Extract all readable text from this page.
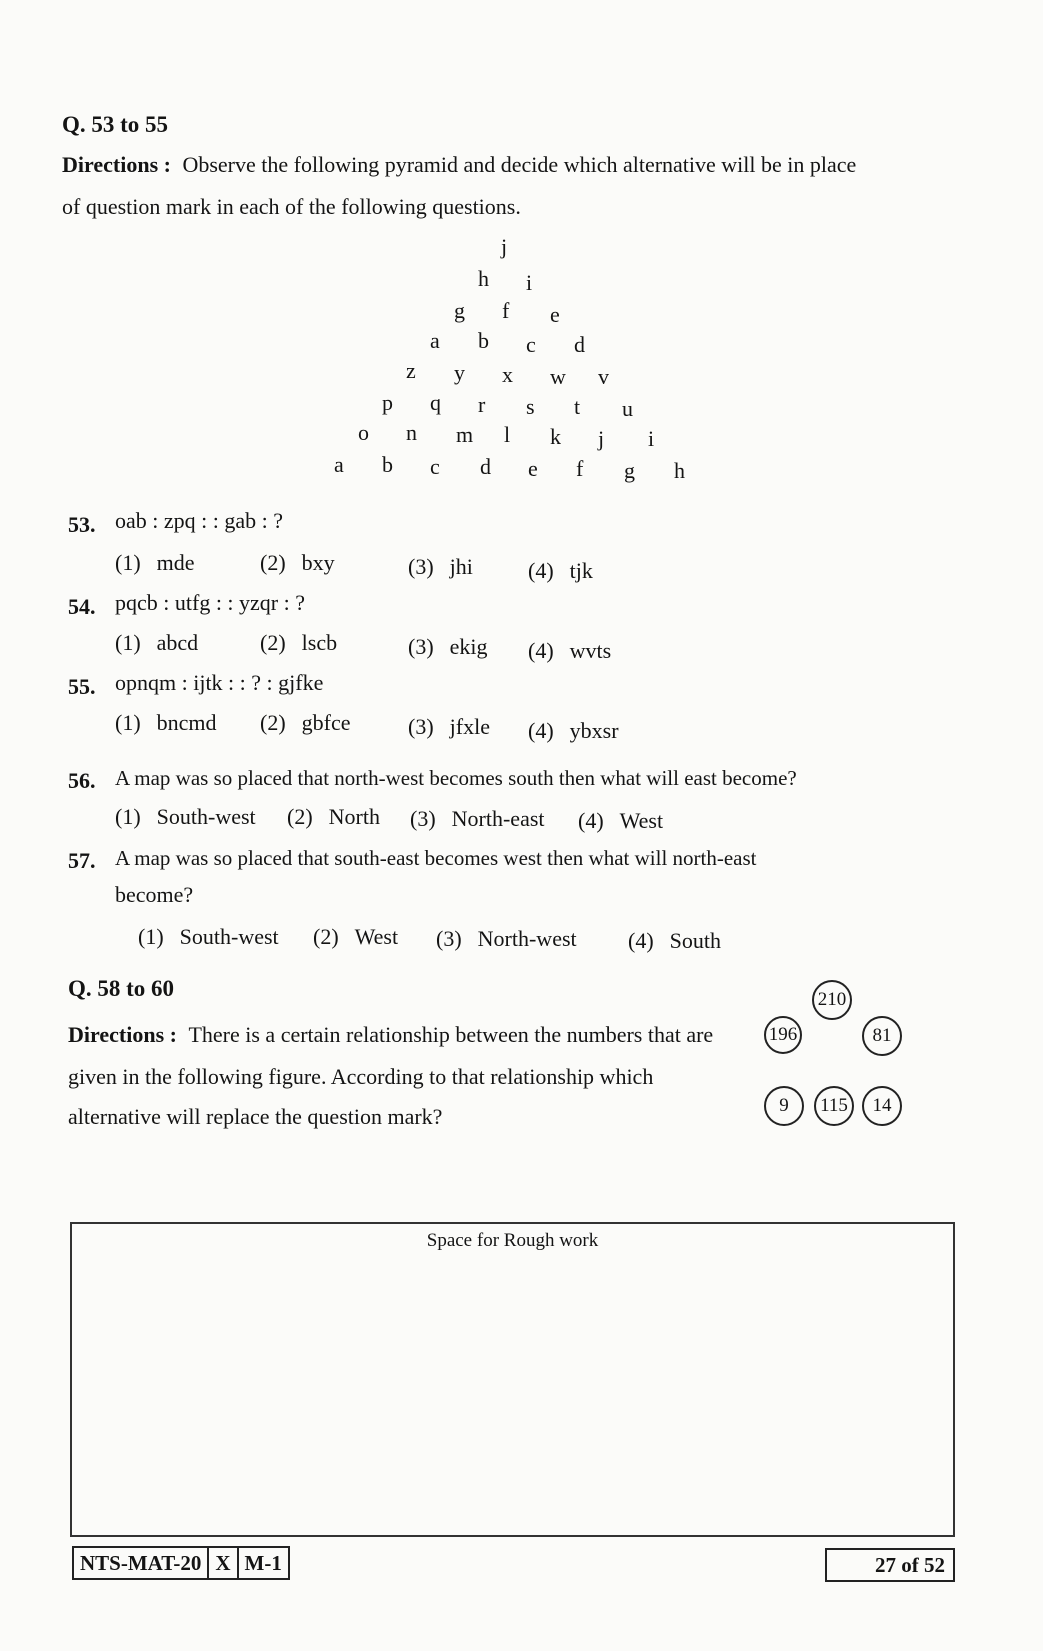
Q. 53 to 55
Directions : Observe the following pyramid and decide which alternative will be in place
of question mark in each of the following questions.
j
h i
g f e
a b c d
z y x w v
p q r s t u
o n m l k j i
a b c d e f g h
53. oab : zpq : : gab : ?
(1) mde	(2) bxy	(3) jhi	(4) tjk
54. pqcb : utfg : : yzqr : ?
(1) abcd	(2) lscb	(3) ekig (4) wvts
55. opnqm : ijtk : : ? : gjfke
(1) bncmd (2) gbfce	(3) jfxle (4) ybxsr
56. A map was so placed that north-west becomes south then what will east become?
(1) South-west (2) North (3) North-east (4) West
57. A map was so placed that south-east becomes west then what will north-east
become?
(1) South-west (2) West (3) North-west (4) South
Q. 58 to 60
Directions : There is a certain relationship between the numbers that are
given in the following figure. According to that relationship which
alternative will replace the question mark?
210
196	81
9	115	14
Space for Rough work
NTS-MAT-20 X M-1	27 of 52
